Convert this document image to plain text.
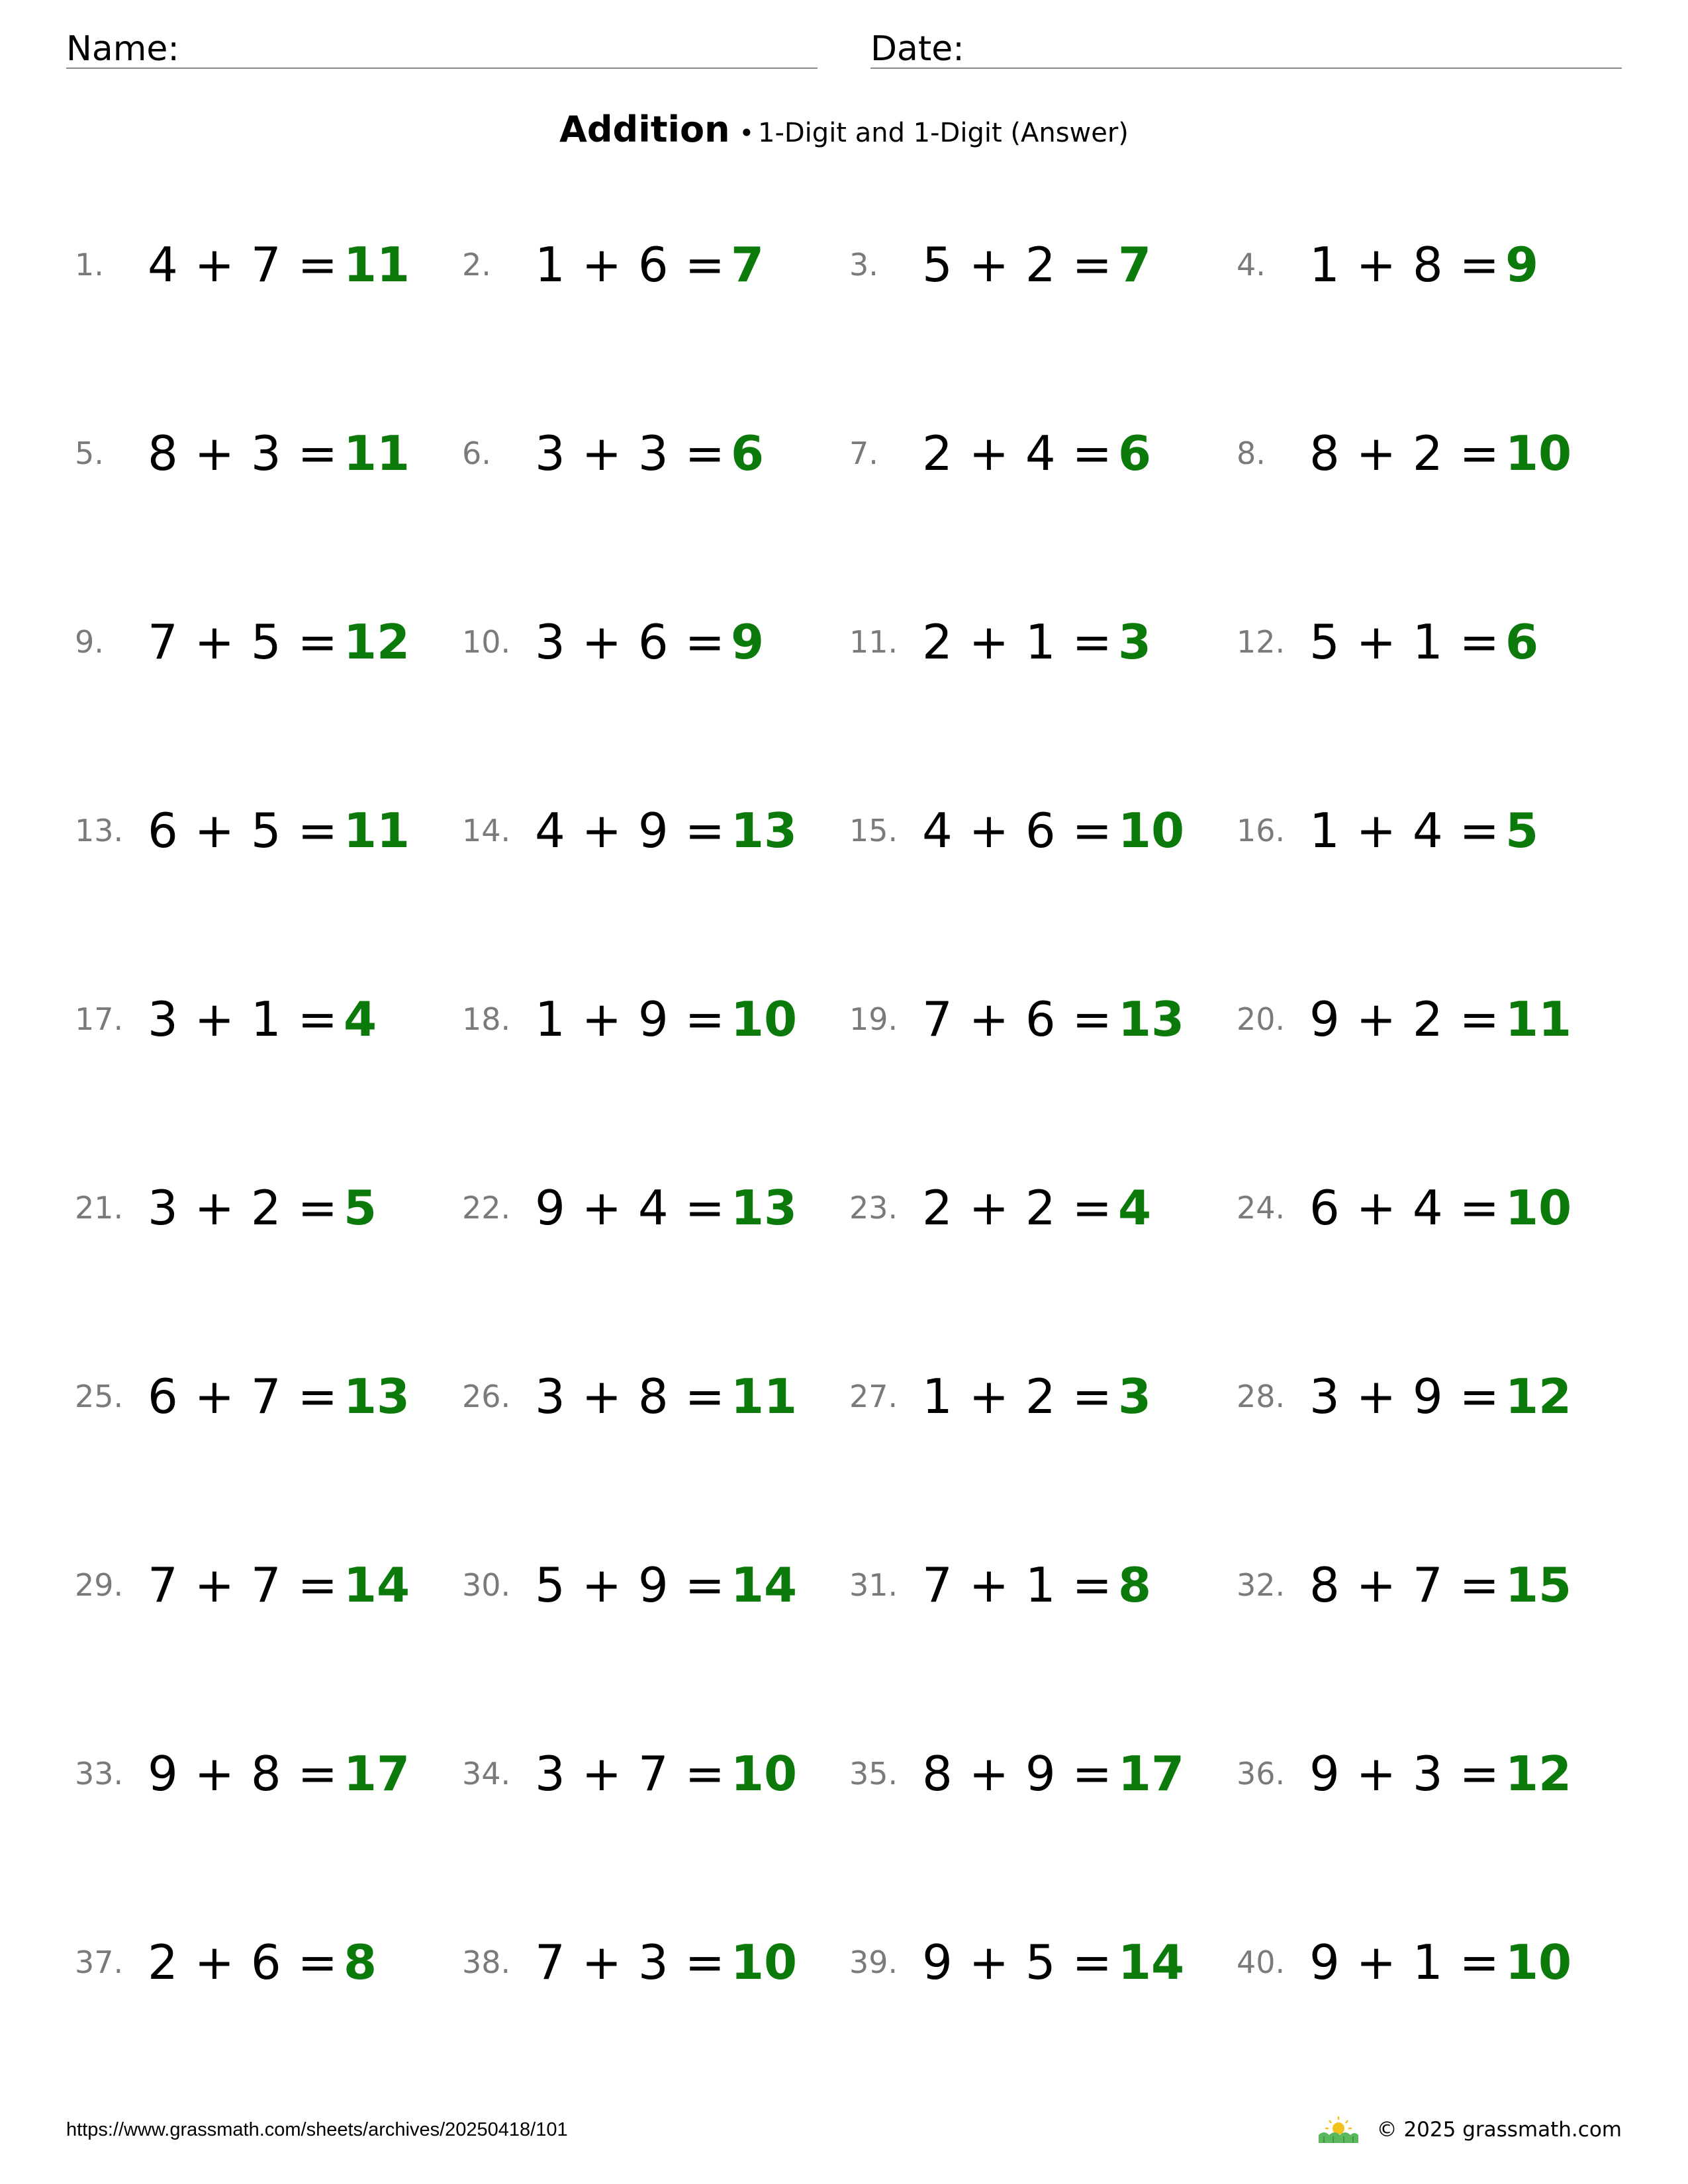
Name:	Date:
Addition • 1-Digit and 1-Digit (Answer)
1. 4 + 7 = 11 2. 1 + 6 = 7	3. 5 + 2 = 7	4. 1 + 8 = 9
5. 8 + 3 = 11 6. 3 + 3 = 6	7. 2 + 4 = 6	8. 8 + 2 = 10
9. 7 + 5 = 12 10. 3 + 6 = 9	11. 2 + 1 = 3	12. 5 + 1 = 6
13. 6 + 5 = 11 14. 4 + 9 = 13 15. 4 + 6 = 10 16. 1 + 4 = 5
17. 3 + 1 = 4	18. 1 + 9 = 10 19. 7 + 6 = 13 20. 9 + 2 = 11
21. 3 + 2 = 5	22. 9 + 4 = 13 23. 2 + 2 = 4	24. 6 + 4 = 10
25. 6 + 7 = 13 26. 3 + 8 = 11 27. 1 + 2 = 3	28. 3 + 9 = 12
29. 7 + 7 = 14 30. 5 + 9 = 14 31. 7 + 1 = 8	32. 8 + 7 = 15
33. 9 + 8 = 17 34. 3 + 7 = 10 35. 8 + 9 = 17 36. 9 + 3 = 12
37. 2 + 6 = 8	38. 7 + 3 = 10 39. 9 + 5 = 14 40. 9 + 1 = 10
https://www.grassmath.com/sheets/archives/20250418/101	© 2025 grassmath.com
